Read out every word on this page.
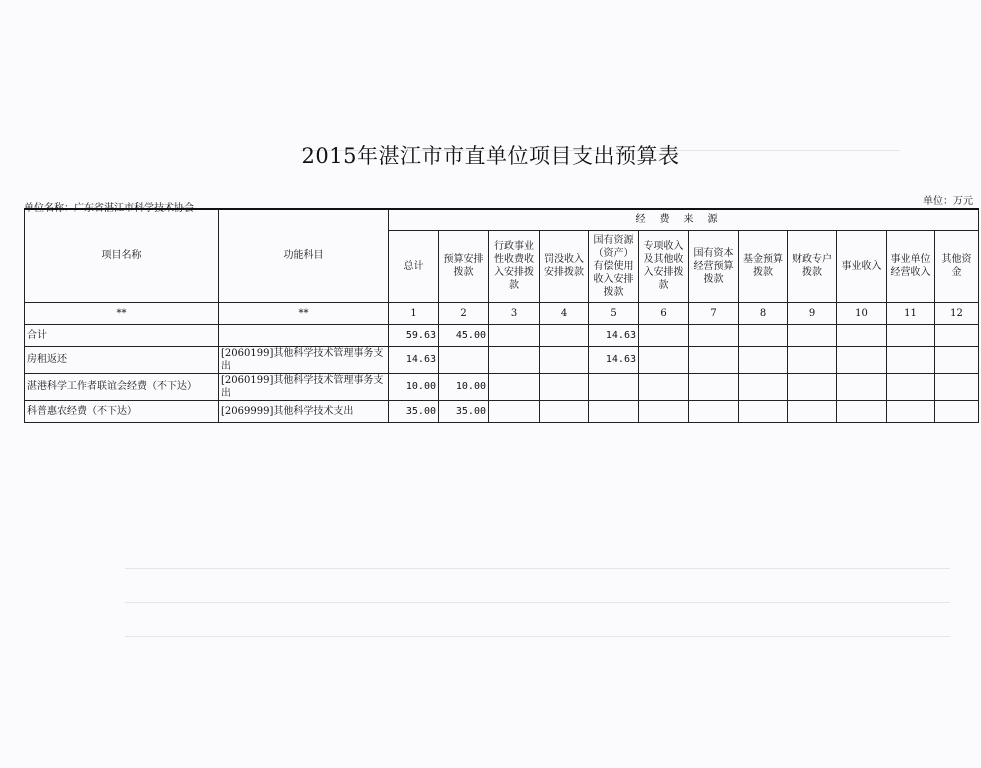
2015年湛江市市直单位项目支出预算表
单位名称：广东省湛江市科学技术协会
单位：万元
项目名称	功能科目	经费来源											
		总计	预算安排拨款	行政事业性收费收入安排拨款	罚没收入安排拨款	国有资源（资产）有偿使用收入安排拨款	专项收入及其他收入安排拨款	国有资本经营预算拨款	基金预算拨款	财政专户拨款	事业收入	事业单位经营收入	其他资金
**	**	1	2	3	4	5	6	7	8	9	10	11	12
合计		59.63	45.00			14.63							
房租返还	[2060199]其他科学技术管理事务支出	14.63				14.63							
湛港科学工作者联谊会经费（不下达）	[2060199]其他科学技术管理事务支出	10.00	10.00										
科普惠农经费（不下达）	[2069999]其他科学技术支出	35.00	35.00										
